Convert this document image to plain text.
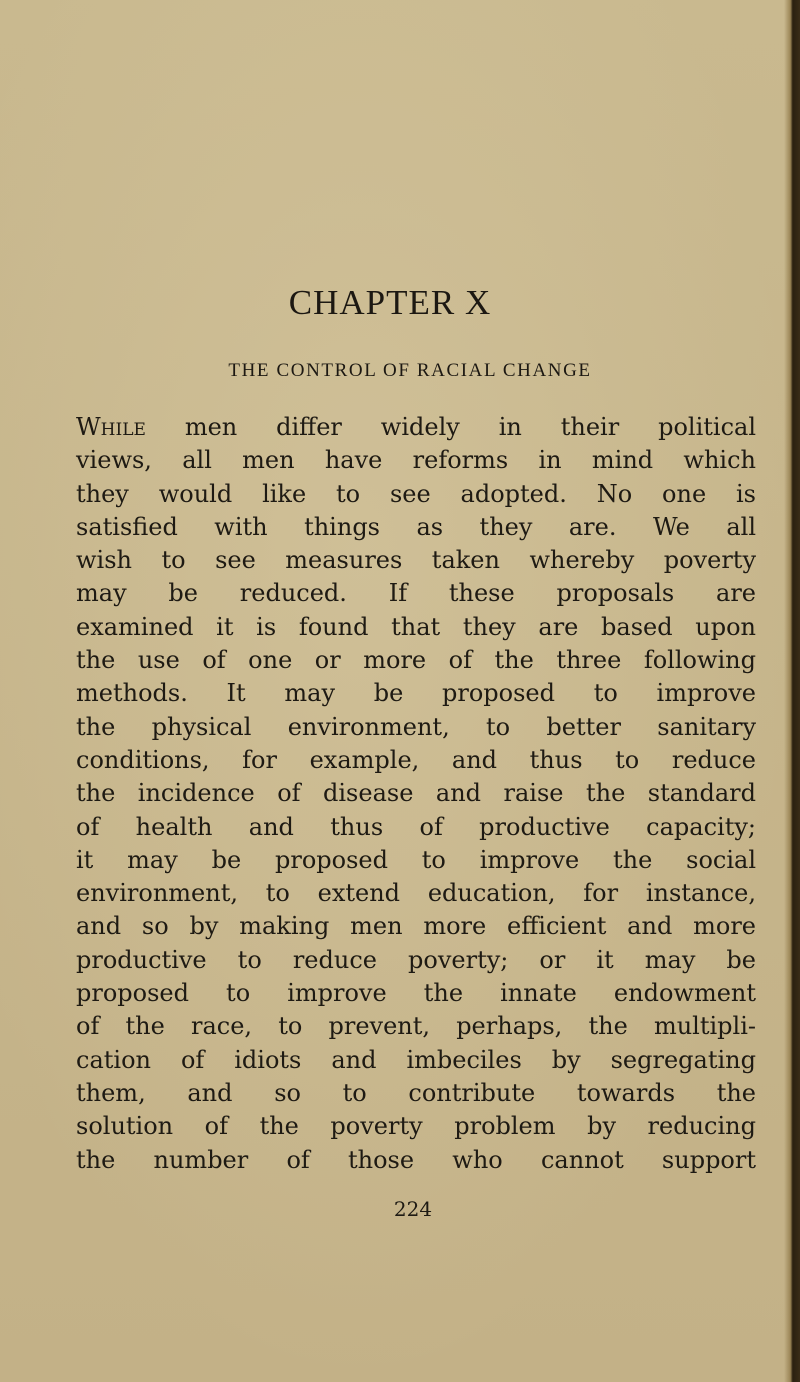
CHAPTER X
THE CONTROL OF RACIAL CHANGE
While men differ widely in their political
views, all men have reforms in mind which
they would like to see adopted. No one is
satisfied with things as they are. We all
wish to see measures taken whereby poverty
may be reduced. If these proposals are
examined it is found that they are based upon
the use of one or more of the three following
methods. It may be proposed to improve
the physical environment, to better sanitary
conditions, for example, and thus to reduce
the incidence of disease and raise the standard
of health and thus of productive capacity;
it may be proposed to improve the social
environment, to extend education, for instance,
and so by making men more efficient and more
productive to reduce poverty; or it may be
proposed to improve the innate endowment
of the race, to prevent, perhaps, the multipli-
cation of idiots and imbeciles by segregating
them, and so to contribute towards the
solution of the poverty problem by reducing
the number of those who cannot support

224
